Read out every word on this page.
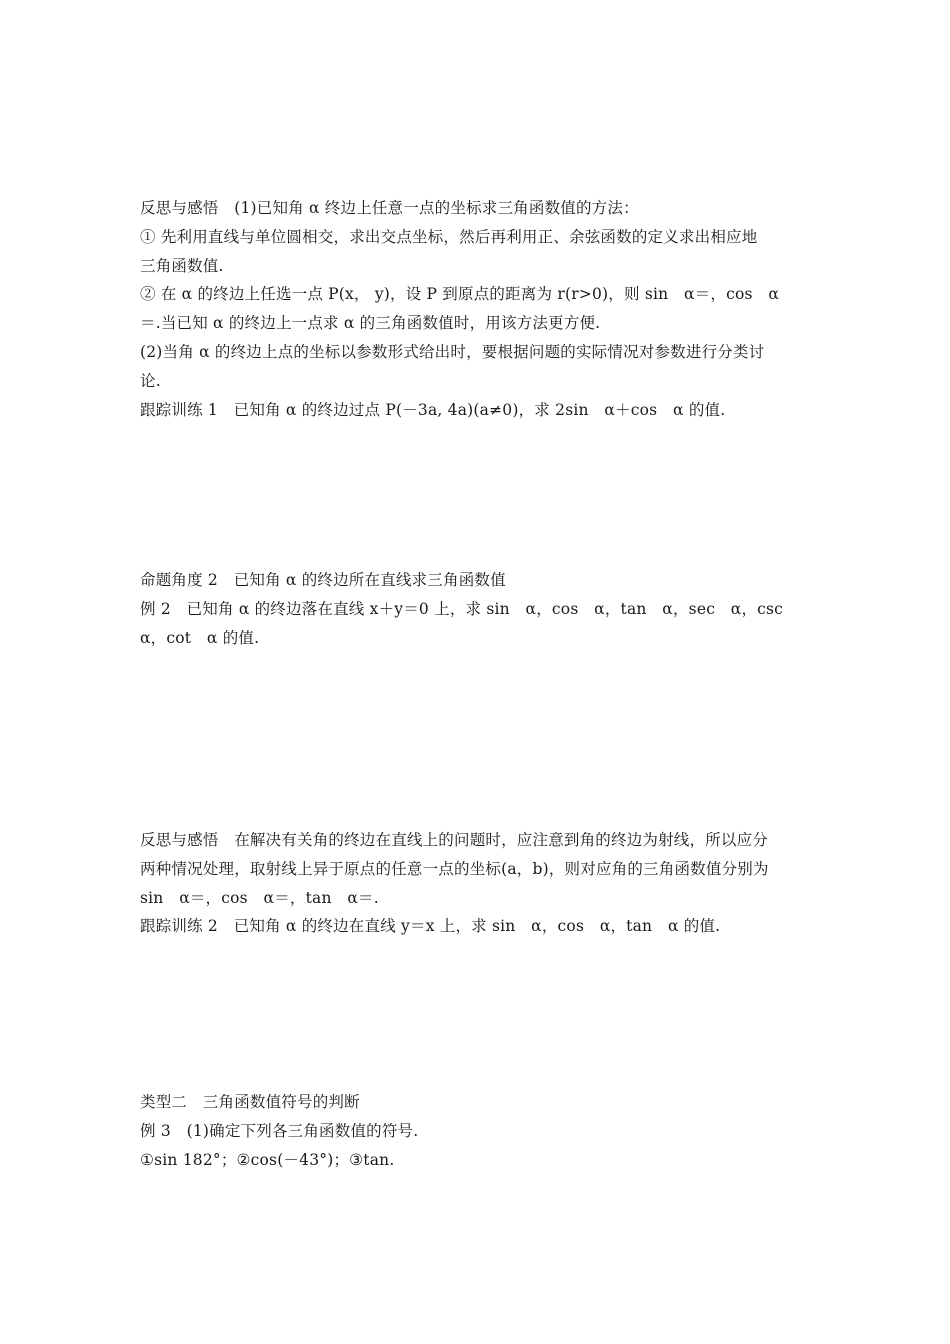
反思与感悟　(1)已知角 α 终边上任意一点的坐标求三角函数值的方法：
① 先利用直线与单位圆相交，求出交点坐标，然后再利用正、余弦函数的定义求出相应地
三角函数值.
② 在 α 的终边上任选一点 P(x， y)，设 P 到原点的距离为 r(r>0)，则 sin　α＝，cos　α
＝.当已知 α 的终边上一点求 α 的三角函数值时，用该方法更方便.
(2)当角 α 的终边上点的坐标以参数形式给出时，要根据问题的实际情况对参数进行分类讨
论.
跟踪训练 1　已知角 α 的终边过点 P(－3a, 4a)(a≠0)，求 2sin　α＋cos　α 的值.
命题角度 2　已知角 α 的终边所在直线求三角函数值
例 2　已知角 α 的终边落在直线 x＋y＝0 上，求 sin　α，cos　α，tan　α，sec　α，csc
α，cot　α 的值.
反思与感悟　在解决有关角的终边在直线上的问题时，应注意到角的终边为射线，所以应分
两种情况处理，取射线上异于原点的任意一点的坐标(a，b)，则对应角的三角函数值分别为
sin　α＝，cos　α＝，tan　α＝.
跟踪训练 2　已知角 α 的终边在直线 y＝x 上，求 sin　α，cos　α，tan　α 的值.
类型二　三角函数值符号的判断
例 3　(1)确定下列各三角函数值的符号.
①sin 182°；②cos(－43°)；③tan.
